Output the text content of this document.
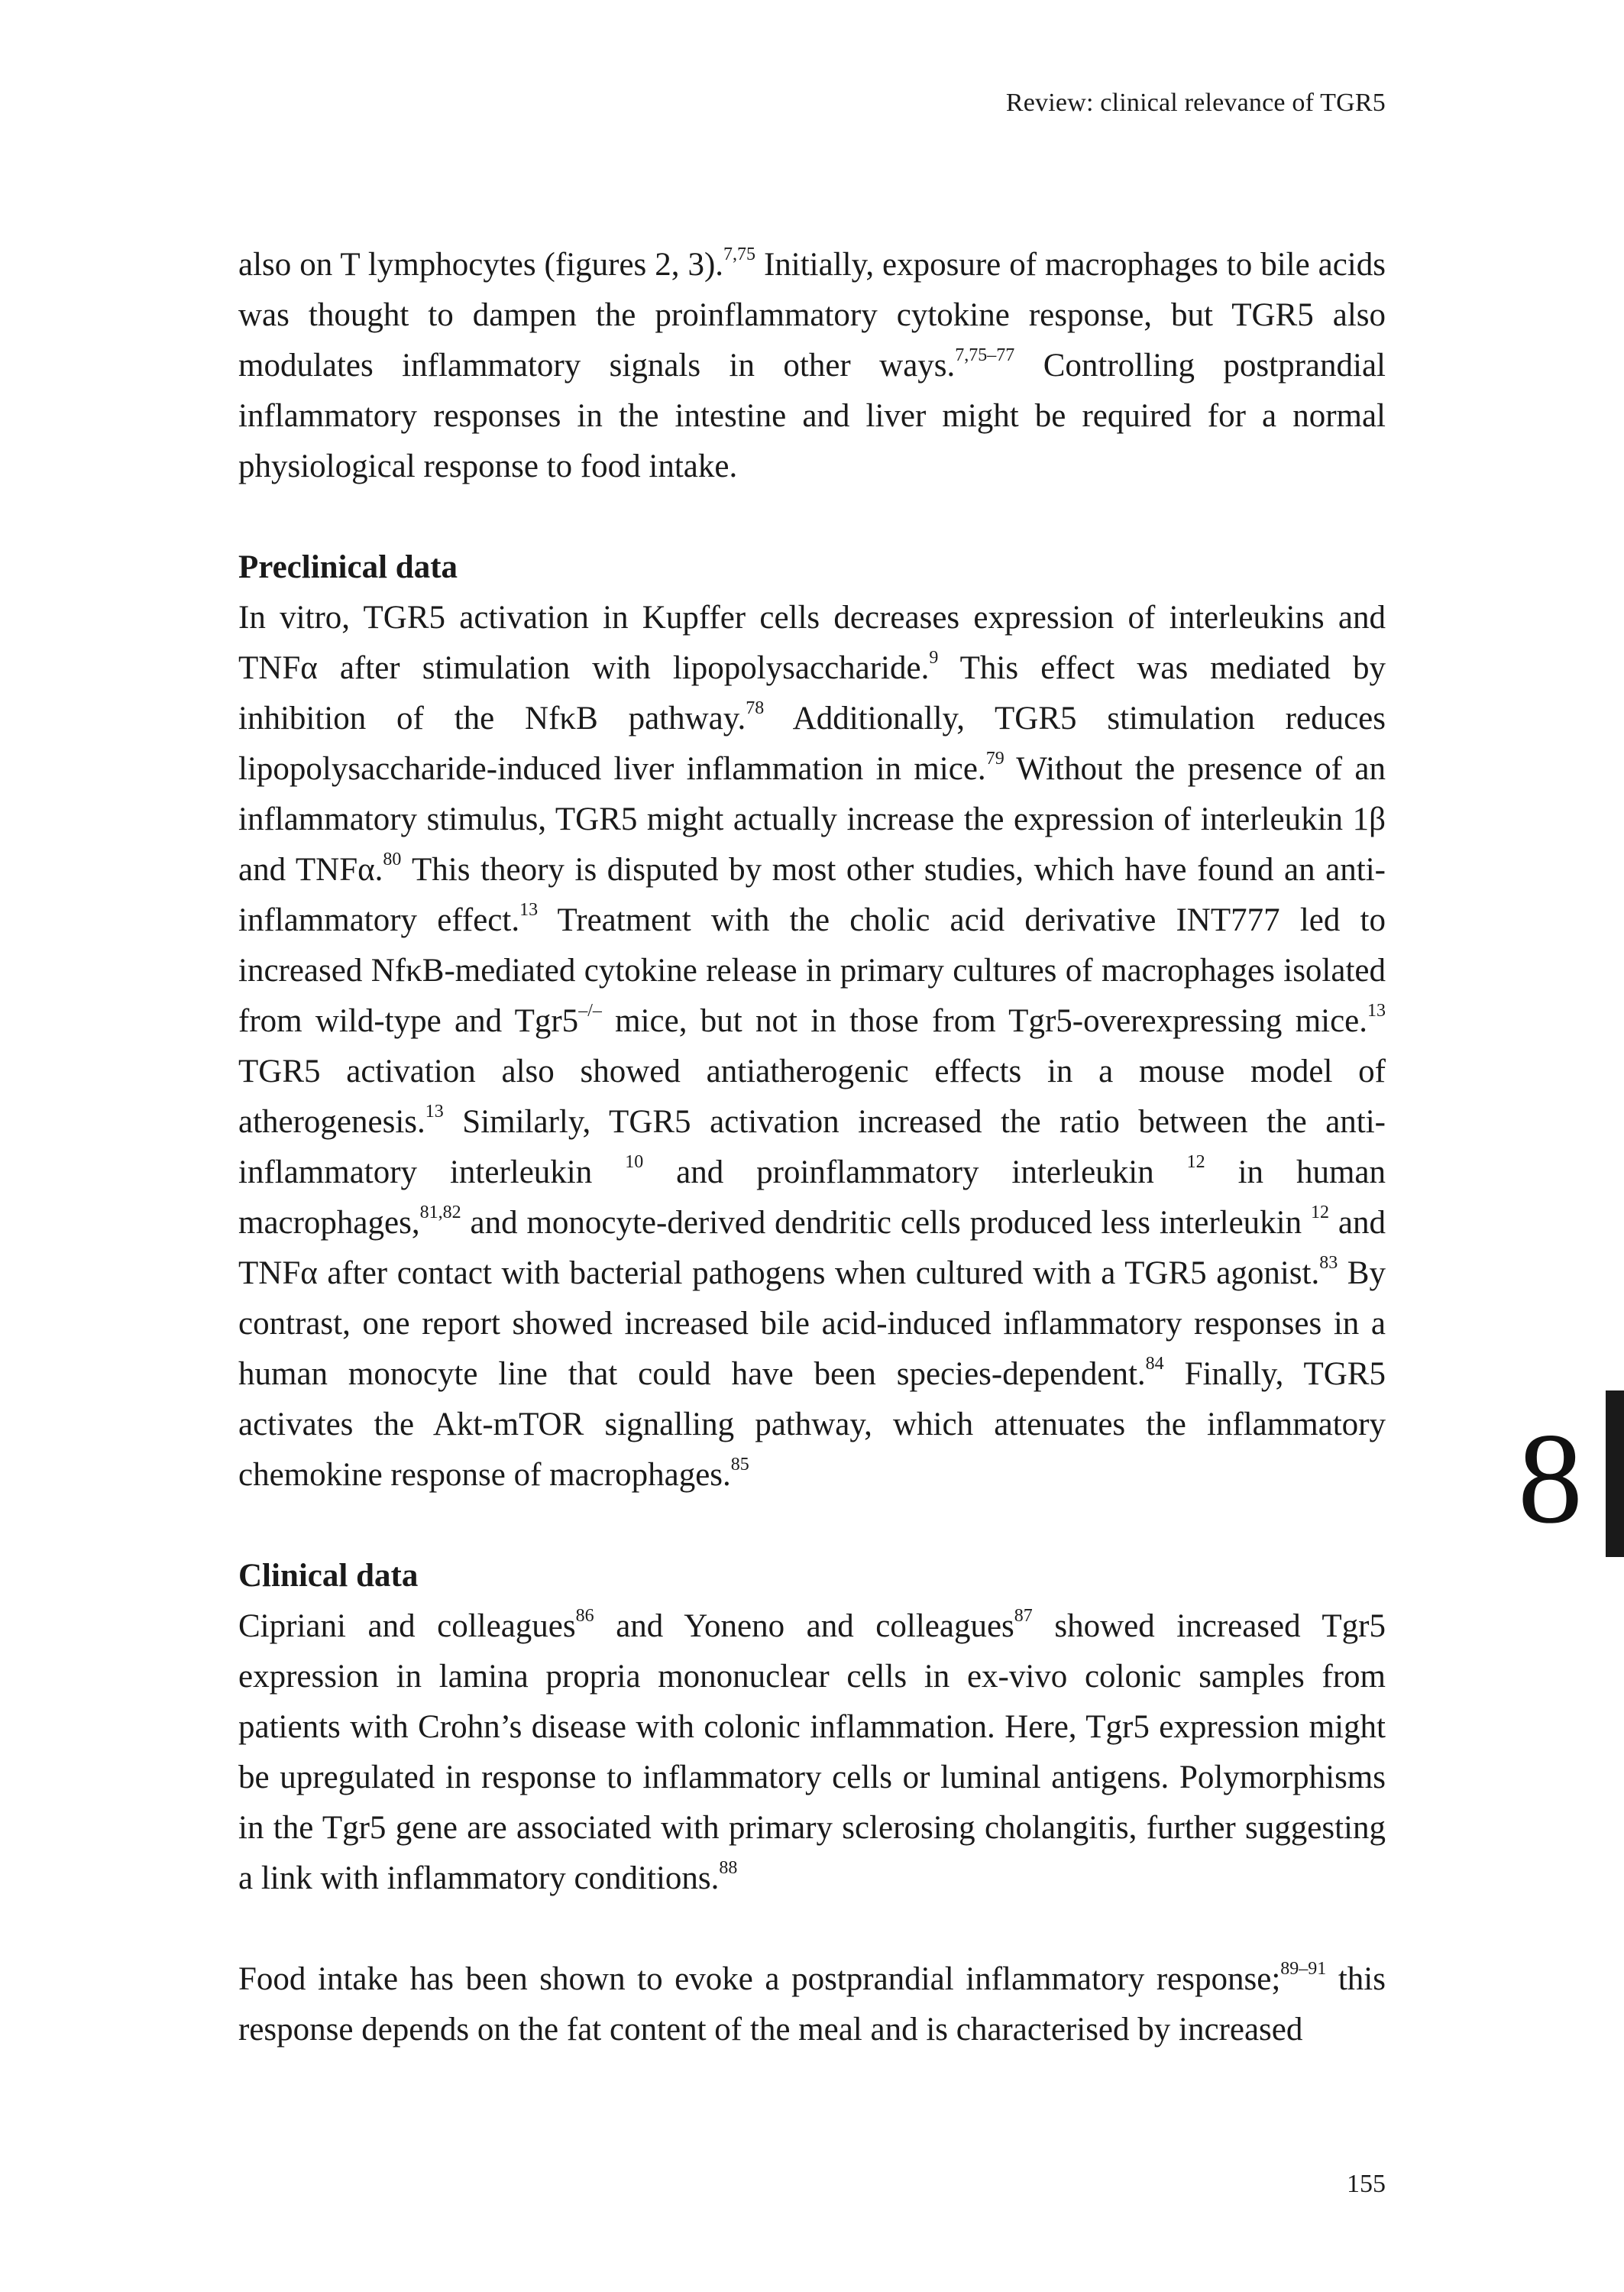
Review: clinical relevance of TGR5

also on T lymphocytes (figures 2, 3).$^{7,75}$ Initially, exposure of macrophages to bile acids was thought to dampen the proinflammatory cytokine response, but TGR5 also modulates inflammatory signals in other ways.$^{7,75-77}$ Controlling postprandial inflammatory responses in the intestine and liver might be required for a normal physiological response to food intake.

Preclinical data

In vitro, TGR5 activation in Kupffer cells decreases expression of interleukins and TNFα after stimulation with lipopolysaccharide.$^9$ This effect was mediated by inhibition of the NfκB pathway.$^{78}$ Additionally, TGR5 stimulation reduces lipopolysaccharide-induced liver inflammation in mice.$^{79}$ Without the presence of an inflammatory stimulus, TGR5 might actually increase the expression of interleukin 1β and TNFα.$^{80}$ This theory is disputed by most other studies, which have found an anti-inflammatory effect.$^{13}$ Treatment with the cholic acid derivative INT777 led to increased NfκB-mediated cytokine release in primary cultures of macrophages isolated from wild-type and Tgr5–/– mice, but not in those from Tgr5-overexpressing mice.$^{13}$ TGR5 activation also showed antiatherogenic effects in a mouse model of atherogenesis.$^{13}$ Similarly, TGR5 activation increased the ratio between the anti-inflammatory interleukin $^{10}$ and proinflammatory interleukin $^{12}$ in human macrophages,$^{81,82}$ and monocyte-derived dendritic cells produced less interleukin $^{12}$ and TNFα after contact with bacterial pathogens when cultured with a TGR5 agonist.$^{83}$ By contrast, one report showed increased bile acid-induced inflammatory responses in a human monocyte line that could have been species-dependent.$^{84}$ Finally, TGR5 activates the Akt-mTOR signalling pathway, which attenuates the inflammatory chemokine response of macrophages.$^{85}$

Clinical data

Cipriani and colleagues$^{86}$ and Yoneno and colleagues$^{87}$ showed increased Tgr5 expression in lamina propria mononuclear cells in ex-vivo colonic samples from patients with Crohn’s disease with colonic inflammation. Here, Tgr5 expression might be upregulated in response to inflammatory cells or luminal antigens. Polymorphisms in the Tgr5 gene are associated with primary sclerosing cholangitis, further suggesting a link with inflammatory conditions.$^{88}$

Food intake has been shown to evoke a postprandial inflammatory response;$^{89-91}$ this response depends on the fat content of the meal and is characterised by increased

8
155
